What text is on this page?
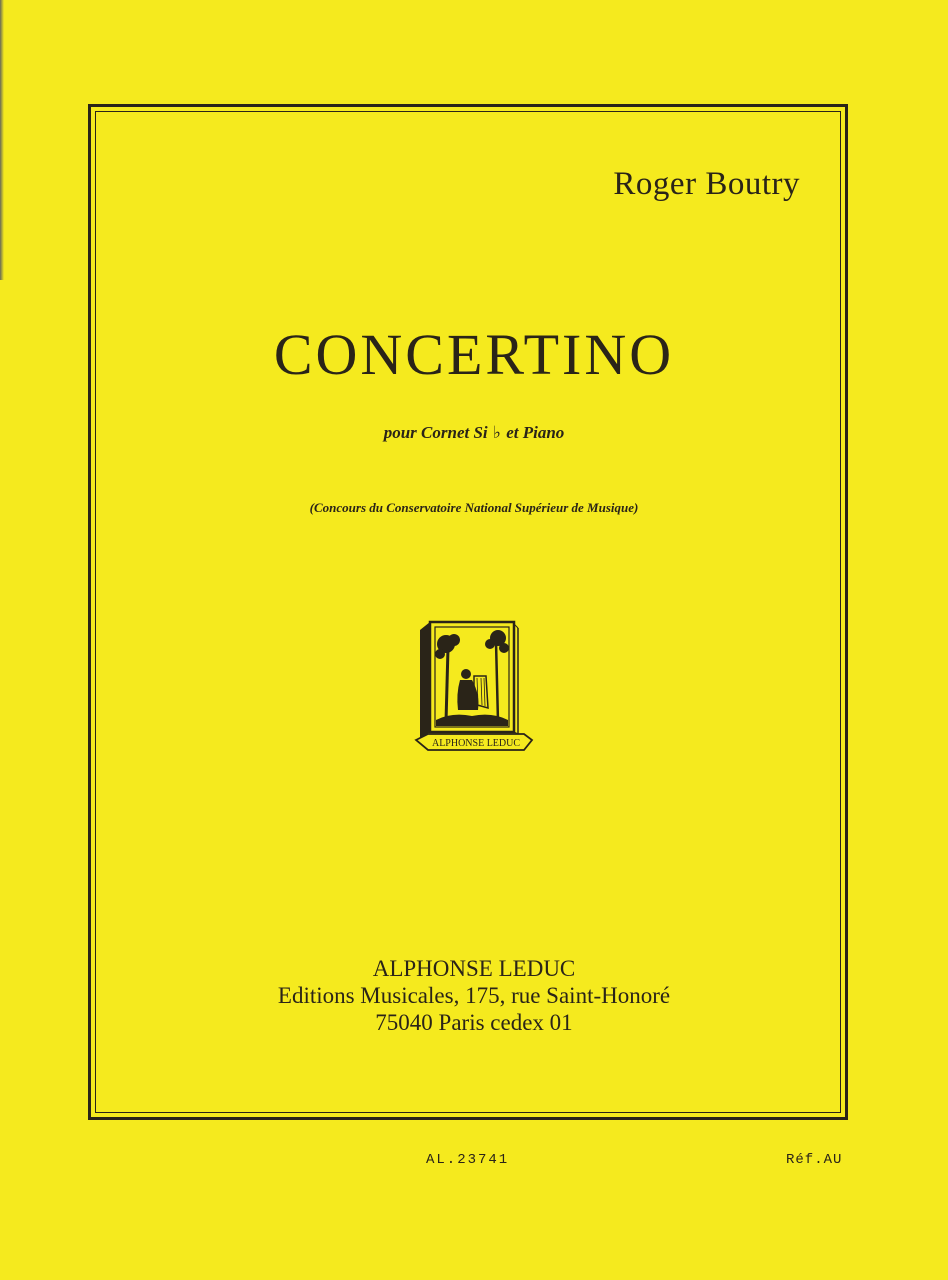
Roger Boutry
CONCERTINO
pour Cornet Si ♭ et Piano
(Concours du Conservatoire National Supérieur de Musique)
ALPHONSE LEDUC
ALPHONSE LEDUC
Editions Musicales, 175, rue Saint-Honoré
75040 Paris cedex 01
AL.23741	Réf.AU
